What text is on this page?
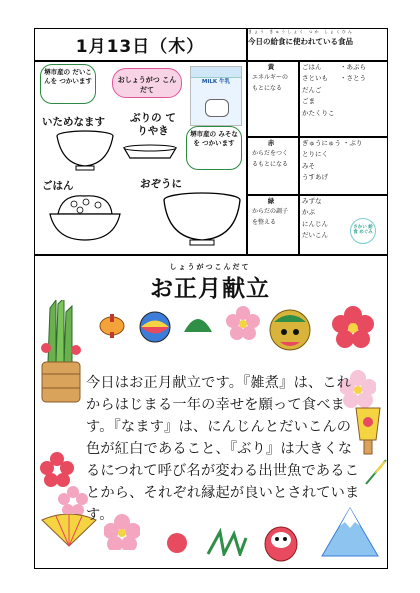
1月13日（木）
きょう きゅうしょく つか しょくひん
今日の給食に使われている食品
堺市産の だいこんを つかいます	おしょうがつ こんだて
堺市産の みそなを つかいます
MILK 牛乳
いためなます ぶりの てりやき
ごはん	おぞうに
黄
エネルギーの
もとになる
ごはん
さといも
だんご
ごま
かたくりこ
・あぶら
・さとう
赤
からだをつく
るもとになる
ぎゅうにゅう ・ぶり
とりにく
みそ
うすあげ
緑
からだの調子
を整える
みずな
かぶ
にんじん
だいこん
さかい 給食 めぐみ
しょうがつこんだて
お正月献立
今日はお正月献立です。『雑煮』は、これからはじまる一年の幸せを願って食べます。『なます』は、にんじんとだいこんの色が紅白であること、『ぶり』は大きくなるにつれて呼び名が変わる出世魚であることから、それぞれ縁起が良いとされています。
